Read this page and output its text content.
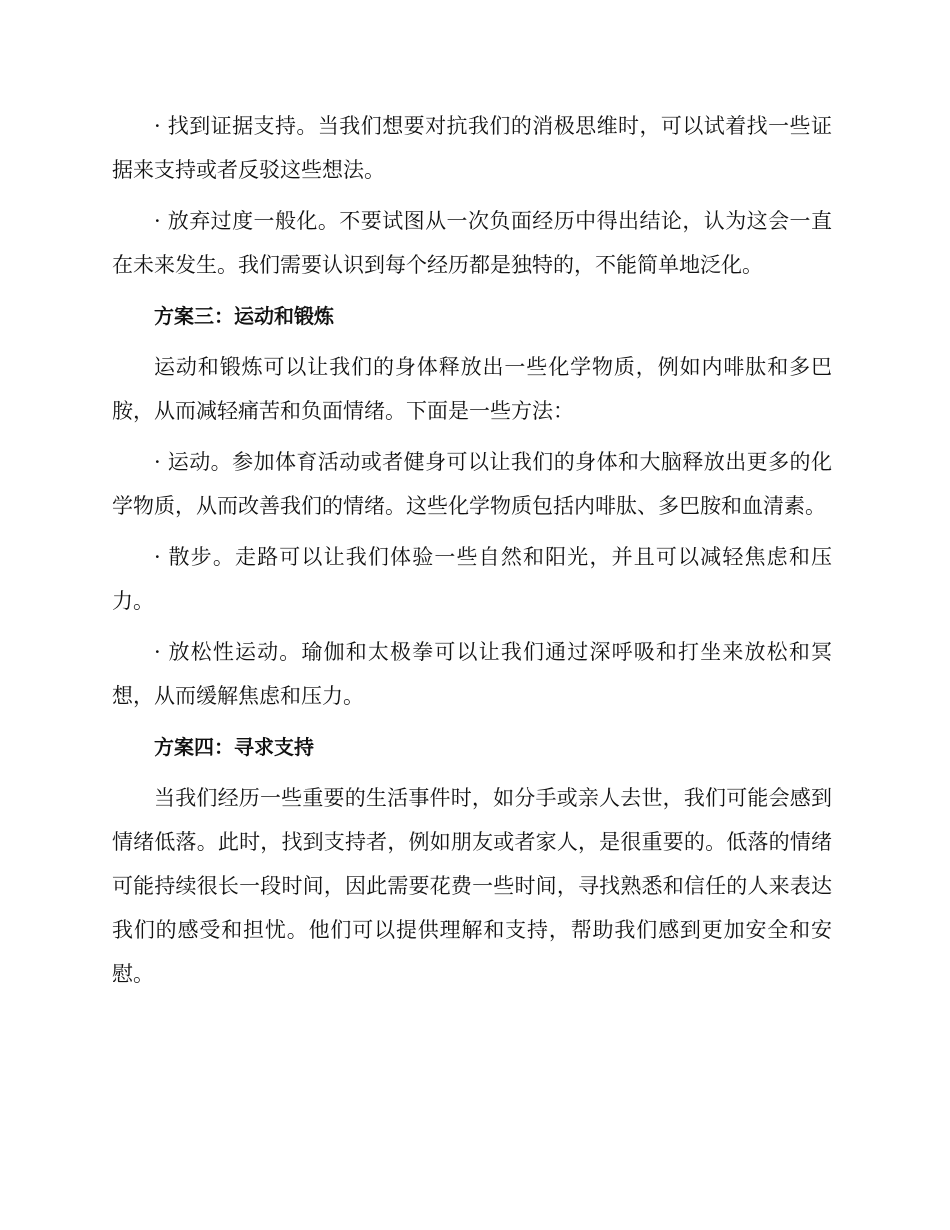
· 找到证据支持。当我们想要对抗我们的消极思维时，可以试着找一些证据来支持或者反驳这些想法。

· 放弃过度一般化。不要试图从一次负面经历中得出结论，认为这会一直在未来发生。我们需要认识到每个经历都是独特的，不能简单地泛化。

方案三：运动和锻炼

运动和锻炼可以让我们的身体释放出一些化学物质，例如内啡肽和多巴胺，从而减轻痛苦和负面情绪。下面是一些方法：

· 运动。参加体育活动或者健身可以让我们的身体和大脑释放出更多的化学物质，从而改善我们的情绪。这些化学物质包括内啡肽、多巴胺和血清素。

· 散步。走路可以让我们体验一些自然和阳光，并且可以减轻焦虑和压力。

· 放松性运动。瑜伽和太极拳可以让我们通过深呼吸和打坐来放松和冥想，从而缓解焦虑和压力。

方案四：寻求支持

当我们经历一些重要的生活事件时，如分手或亲人去世，我们可能会感到情绪低落。此时，找到支持者，例如朋友或者家人，是很重要的。低落的情绪可能持续很长一段时间，因此需要花费一些时间，寻找熟悉和信任的人来表达我们的感受和担忧。他们可以提供理解和支持，帮助我们感到更加安全和安慰。
